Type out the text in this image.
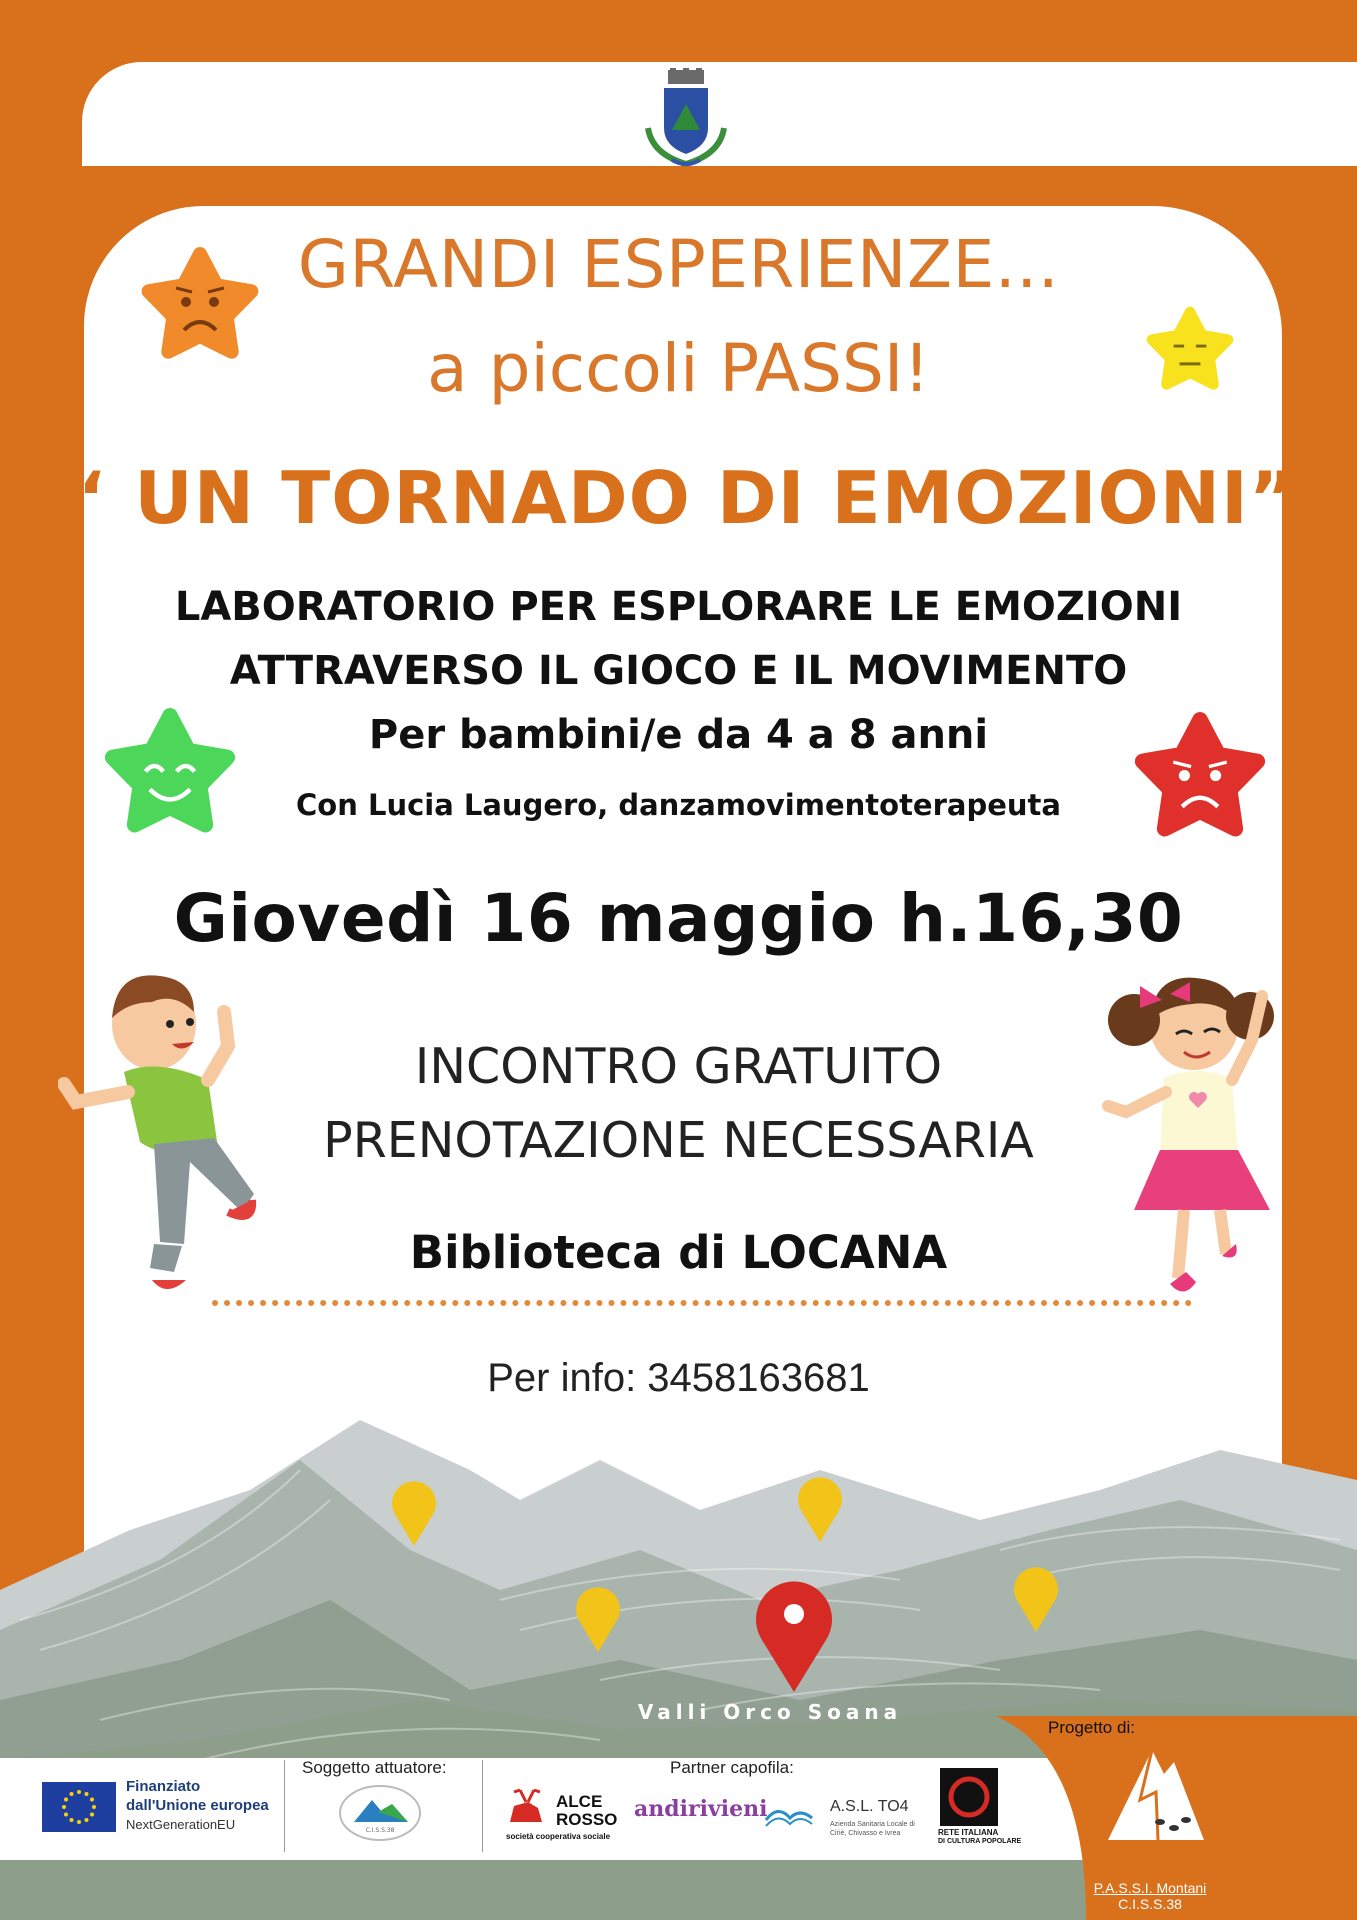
GRANDI ESPERIENZE...
a piccoli PASSI!
“ UN TORNADO DI EMOZIONI”
LABORATORIO PER ESPLORARE LE EMOZIONI
ATTRAVERSO IL GIOCO E IL MOVIMENTO
Per bambini/e da 4 a 8 anni
Con Lucia Laugero, danzamovimentoterapeuta
Giovedì 16 maggio h.16,30
INCONTRO GRATUITO
PRENOTAZIONE NECESSARIA
Biblioteca di LOCANA
Per info: 3458163681
Valli Orco Soana
Progetto di:
P.A.S.S.I. Montani
C.I.S.S.38
Finanziato
dall'Unione europea
NextGenerationEU
Soggetto attuatore:
C.I.S.S.38
Partner capofila:
ALCE
ROSSO
società cooperativa sociale
andirivieni	A.S.L. TO4
Azienda Sanitaria Locale di Ciriè, Chivasso e Ivrea	RETE ITALIANA
DI CULTURA POPOLARE
